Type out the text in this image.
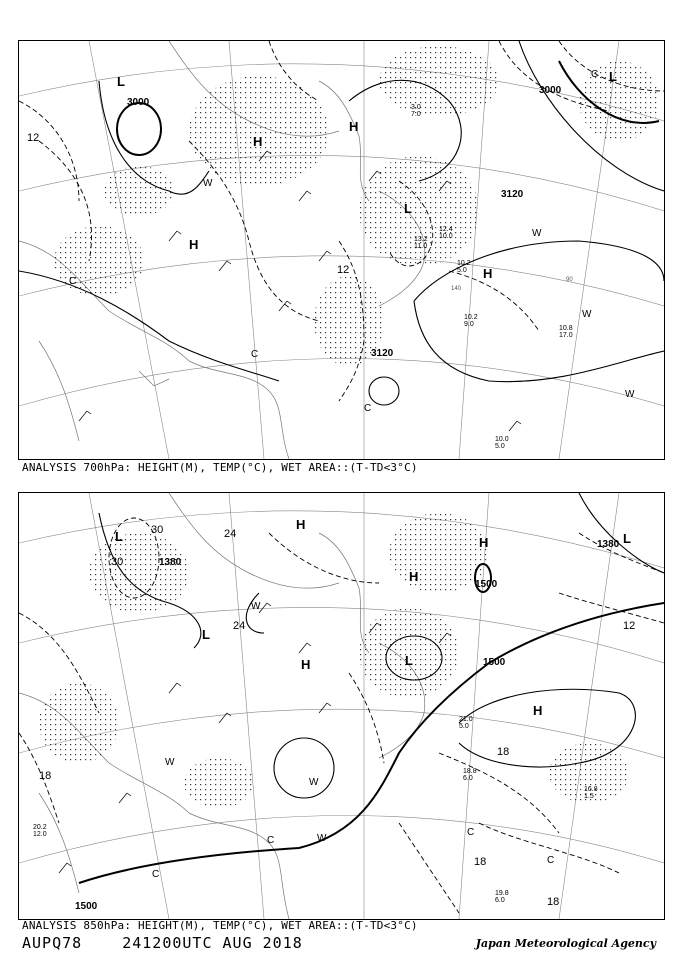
3000
3000
3120
3120
12
12
L
L
L
H
H
H
H
W
W
W
W
C
C
C
C
10.2
9.0
10.8
17.0
10.0
5.0
13.2
11.0
12.4
10.0
10.2
5.0
3.0
7.0
140
90
ANALYSIS 700hPa: HEIGHT(M), TEMP(°C), WET AREA::(T-TD<3°C)
1380
1380
1500
1500
1500
30
30
24
24
18
18
18
18
12
L
L
L
L
H
H
H
H
H
W
W
W
W
C
C
C
C
16.8
1.5
19.8
6.0
18.8
6.0
20.2
12.0
21.0
5.0
ANALYSIS 850hPa: HEIGHT(M), TEMP(°C), WET AREA::(T-TD<3°C)
AUPQ78	241200UTC AUG 2018	Japan Meteorological Agency
